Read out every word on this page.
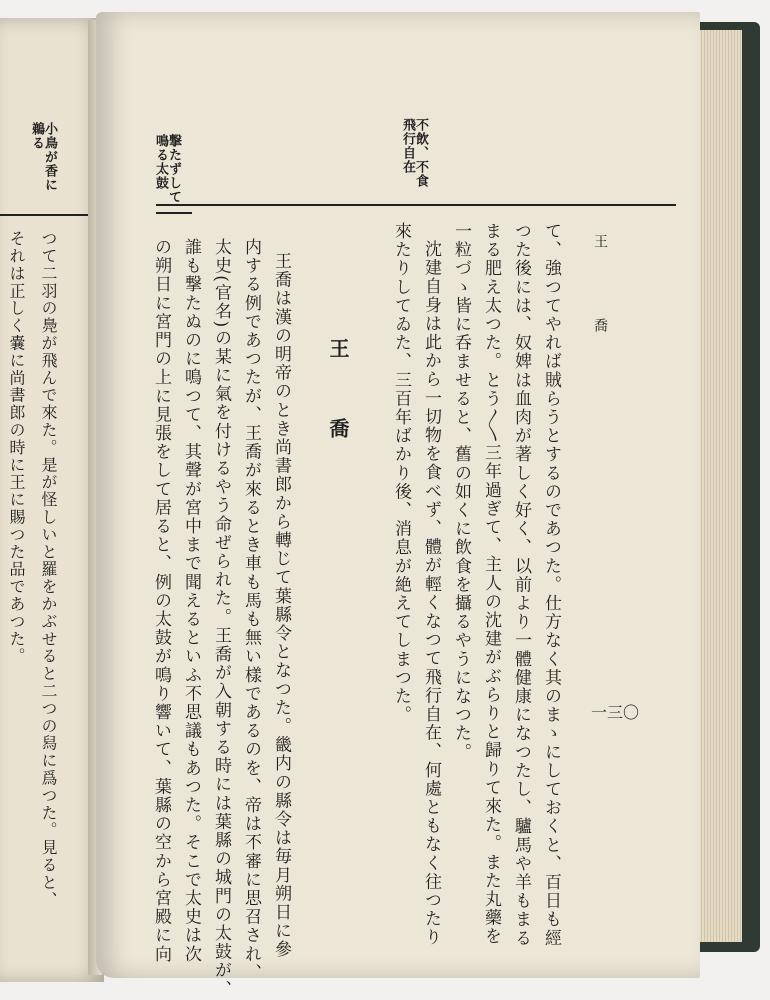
小鳥が香に
鵜る
つて二羽の鳧が飛んで來た。是が怪しいと羅をかぶせると二つの舄に爲つた。見ると、
それは正しく嚢に尚書郎の時に王に賜つた品であつた。	王喬
一三〇
不飲、不食
飛行自在
撃たずして
鳴る太鼓
て、強つてやれば賊らうとするのであつた。仕方なく其のまゝにしておくと、百日も經
つた後には、奴婢は血肉が著しく好く、以前より一體健康になつたし、驢馬や羊もまる
まる肥え太つた。とう〳〵三年過ぎて、主人の沈建がぶらりと歸りて來た。また丸藥を
一粒づゝ皆に呑ませると、舊の如くに飲食を攝るやうになつた。
沈建自身は此から一切物を食べず、體が輕くなつて飛行自在、何處ともなく往つたり
來たりしてゐた、三百年ばかり後、消息が絶えてしまつた。
王喬
王喬は漢の明帝のとき尚書郎から轉じて葉縣令となつた。畿内の縣令は毎月朔日に參
内する例であつたが、王喬が來るとき車も馬も無い樣であるのを、帝は不審に思召され、
太史(官名)の某に氣を付けるやう命ぜられた。王喬が入朝する時には葉縣の城門の太鼓が、
誰も撃たぬのに鳴つて、其聲が宮中まで聞えるといふ不思議もあつた。そこで太史は次
の朔日に宮門の上に見張をして居ると、例の太鼓が鳴り響いて、葉縣の空から宮殿に向
